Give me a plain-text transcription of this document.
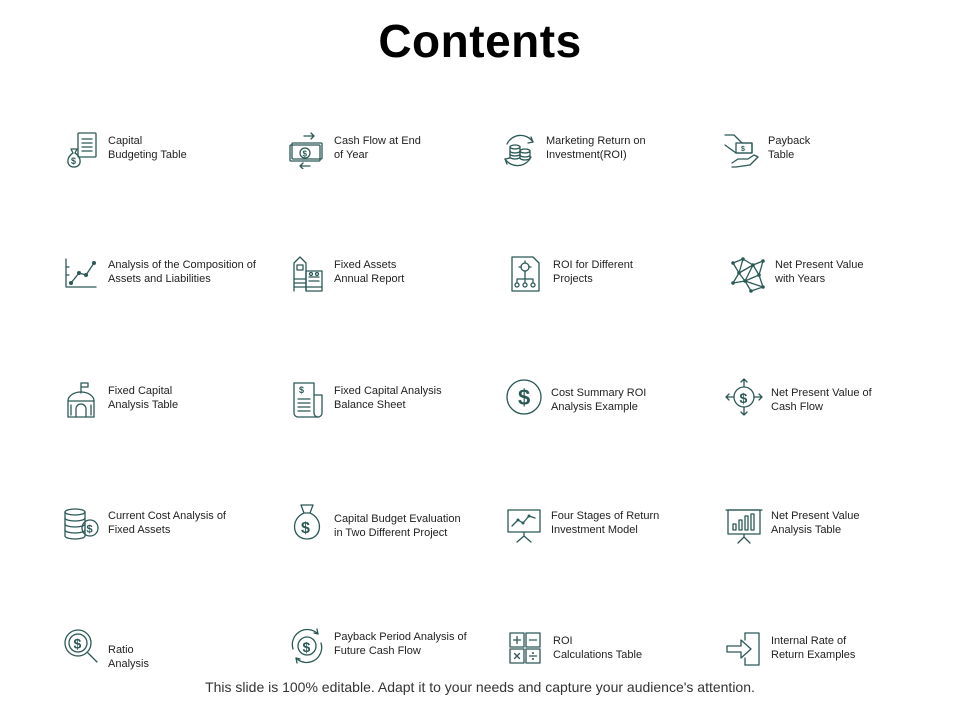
Contents
$
Capital
Budgeting Table	$
Cash Flow at End
of Year
Marketing Return on
Investment(ROI)	$
Payback
Table
Analysis of the Composition of
Assets and Liabilities
Fixed Assets
Annual Report
ROI for Different
Projects
Net Present Value
with Years
Fixed Capital
Analysis Table
$	Fixed Capital Analysis
Balance Sheet	$ Cost Summary ROI
Analysis Example
$ Net Present Value of
Cash Flow
$
Current Cost Analysis of
Fixed Assets	$
Capital Budget Evaluation
in Two Different Project
Four Stages of Return
Investment Model
Net Present Value
Analysis Table
$ Ratio
Analysis
$
Payback Period Analysis of
Future Cash Flow
ROI
Calculations Table
Internal Rate of
Return Examples
This slide is 100% editable. Adapt it to your needs and capture your audience's attention.
